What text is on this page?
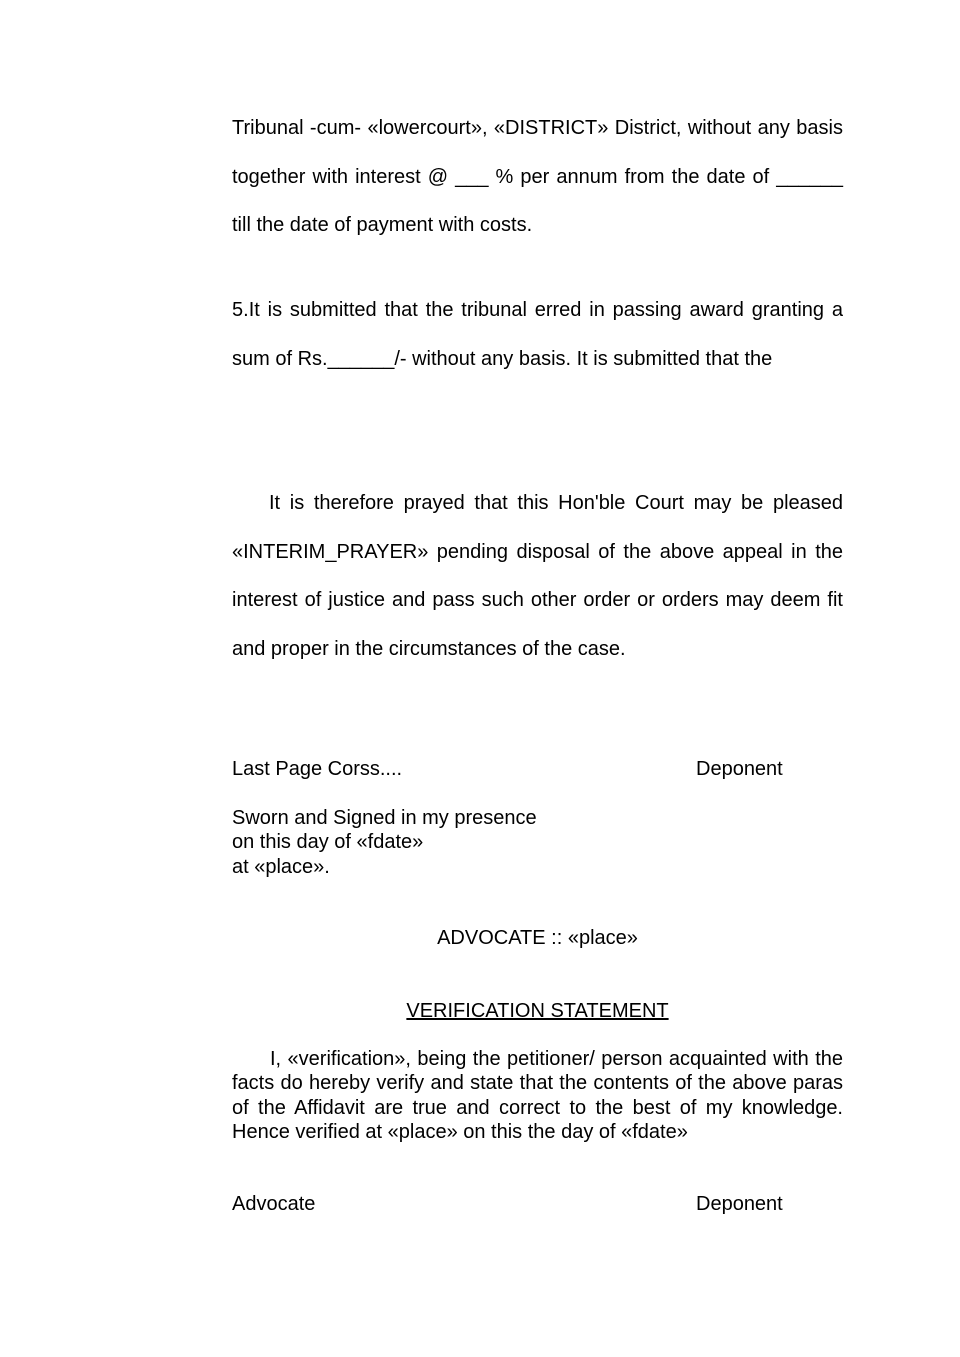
Tribunal -cum- «lowercourt», «DISTRICT» District, without any basis together with interest @ ___ % per annum from the date of ______ till the date of payment with costs.

5.It is submitted that the tribunal erred in passing award granting a sum of Rs.______/- without any basis. It is submitted that the

It is therefore prayed that this Hon'ble Court may be pleased «INTERIM_PRAYER» pending disposal of the above appeal in the interest of justice and pass such other order or orders may deem fit and proper in the circumstances of the case.

Last Page Corss....	Deponent
Sworn and Signed in my presence
on this day of «fdate»
at «place».
ADVOCATE :: «place»
VERIFICATION STATEMENT

I, «verification», being the petitioner/ person acquainted with the facts do hereby verify and state that the contents of the above paras of the Affidavit are true and correct to the best of my knowledge. Hence verified at «place» on this the day of «fdate»

Advocate	Deponent
